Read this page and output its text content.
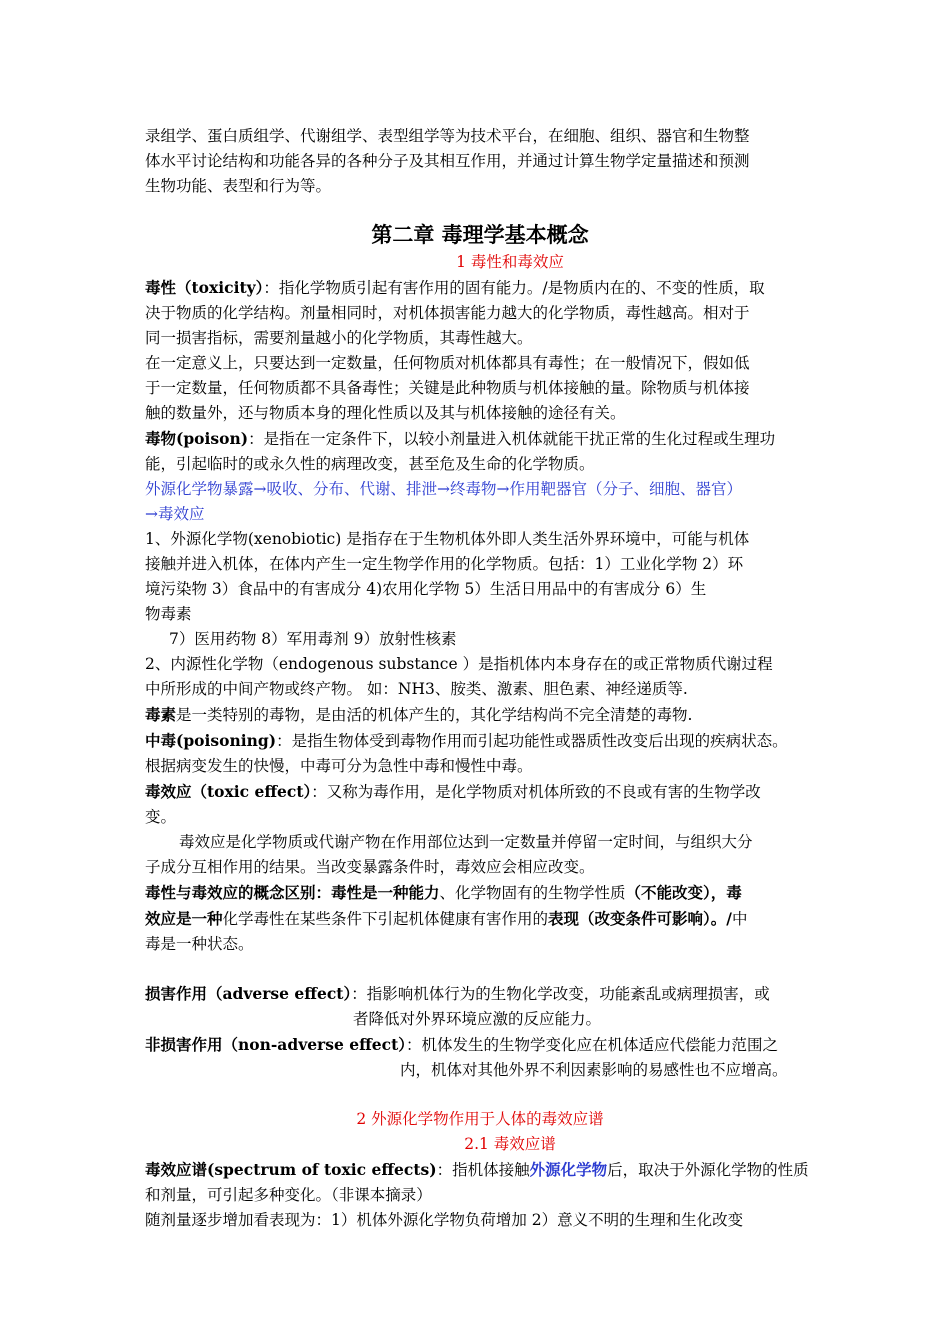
录组学、蛋白质组学、代谢组学、表型组学等为技术平台，在细胞、组织、器官和生物整

体水平讨论结构和功能各异的各种分子及其相互作用，并通过计算生物学定量描述和预测

生物功能、表型和行为等。

第二章 毒理学基本概念

1 毒性和毒效应

毒性（toxicity）：指化学物质引起有害作用的固有能力。/是物质内在的、不变的性质，取

决于物质的化学结构。剂量相同时，对机体损害能力越大的化学物质，毒性越高。相对于

同一损害指标，需要剂量越小的化学物质，其毒性越大。

在一定意义上，只要达到一定数量，任何物质对机体都具有毒性；在一般情况下，假如低

于一定数量，任何物质都不具备毒性；关键是此种物质与机体接触的量。除物质与机体接

触的数量外，还与物质本身的理化性质以及其与机体接触的途径有关。

毒物(poison)：是指在一定条件下，以较小剂量进入机体就能干扰正常的生化过程或生理功

能，引起临时的或永久性的病理改变，甚至危及生命的化学物质。

外源化学物暴露→吸收、分布、代谢、排泄→终毒物→作用靶器官（分子、细胞、器官）

→毒效应

1、外源化学物(xenobiotic) 是指存在于生物机体外即人类生活外界环境中，可能与机体

接触并进入机体，在体内产生一定生物学作用的化学物质。包括：1）工业化学物 2）环

境污染物 3）食品中的有害成分 4)农用化学物 5）生活日用品中的有害成分 6）生

物毒素

7）医用药物 8）军用毒剂 9）放射性核素

2、内源性化学物（endogenous substance ）是指机体内本身存在的或正常物质代谢过程

中所形成的中间产物或终产物。 如：NH3、胺类、激素、胆色素、神经递质等.

毒素是一类特别的毒物，是由活的机体产生的，其化学结构尚不完全清楚的毒物.

中毒(poisoning)：是指生物体受到毒物作用而引起功能性或器质性改变后出现的疾病状态。

根据病变发生的快慢，中毒可分为急性中毒和慢性中毒。

毒效应（toxic effect）：又称为毒作用，是化学物质对机体所致的不良或有害的生物学改

变。

毒效应是化学物质或代谢产物在作用部位达到一定数量并停留一定时间，与组织大分

子成分互相作用的结果。当改变暴露条件时，毒效应会相应改变。

毒性与毒效应的概念区别：毒性是一种能力、化学物固有的生物学性质（不能改变），毒

效应是一种化学毒性在某些条件下引起机体健康有害作用的表现（改变条件可影响）。/中

毒是一种状态。

损害作用（adverse effect）：指影响机体行为的生物化学改变，功能紊乱或病理损害，或

者降低对外界环境应激的反应能力。

非损害作用（non-adverse effect）：机体发生的生物学变化应在机体适应代偿能力范围之

内，机体对其他外界不利因素影响的易感性也不应增高。

2 外源化学物作用于人体的毒效应谱

2.1 毒效应谱

毒效应谱(spectrum of toxic effects)：指机体接触外源化学物后，取决于外源化学物的性质

和剂量，可引起多种变化。（非课本摘录）

随剂量逐步增加看表现为：1）机体外源化学物负荷增加 2）意义不明的生理和生化改变
